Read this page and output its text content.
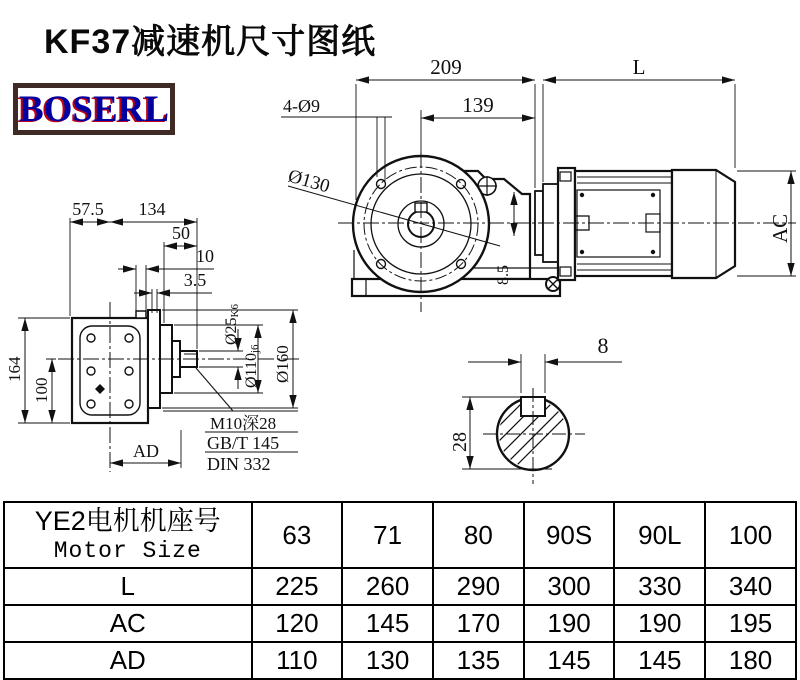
KF37减速机尺寸图纸
BOSERL
209	L
139
4-Ø9
Ø130
AC
8.5
57.5 134
50
10
3.5
Ø25K6
Ø110j6 Ø160
164
100
AD
M10深28
GB/T 145
DIN 332
8
28
YE2电机机座号
Motor Size	63	71	80	90S	90L	100
L	225	260	290	300	330	340
AC	120	145	170	190	190	195
AD	110	130	135	145	145	180
